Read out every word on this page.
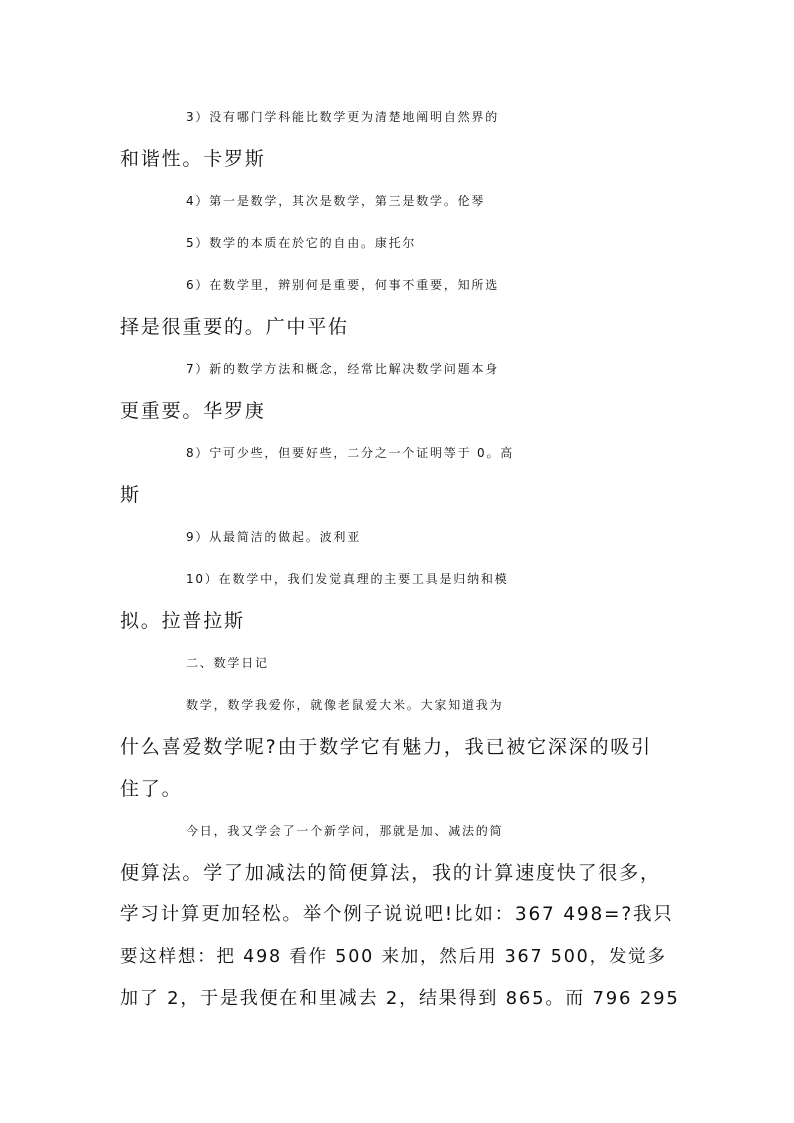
3）没有哪门学科能比数学更为清楚地阐明自然界的
和谐性。卡罗斯
4）第一是数学，其次是数学，第三是数学。伦琴
5）数学的本质在於它的自由。康托尔
6）在数学里，辨别何是重要，何事不重要，知所选
择是很重要的。广中平佑
7）新的数学方法和概念，经常比解决数学问题本身
更重要。华罗庚
8）宁可少些，但要好些，二分之一个证明等于 0。高
斯
9）从最简洁的做起。波利亚
10）在数学中，我们发觉真理的主要工具是归纳和模
拟。拉普拉斯
二、数学日记
数学，数学我爱你，就像老鼠爱大米。大家知道我为
什么喜爱数学呢?由于数学它有魅力，我已被它深深的吸引
住了。
今日，我又学会了一个新学问，那就是加、减法的简
便算法。学了加减法的简便算法，我的计算速度快了很多，
学习计算更加轻松。举个例子说说吧!比如：367 498=?我只
要这样想：把 498 看作 500 来加，然后用 367 500，发觉多
加了 2，于是我便在和里减去 2，结果得到 865。而 796 295
